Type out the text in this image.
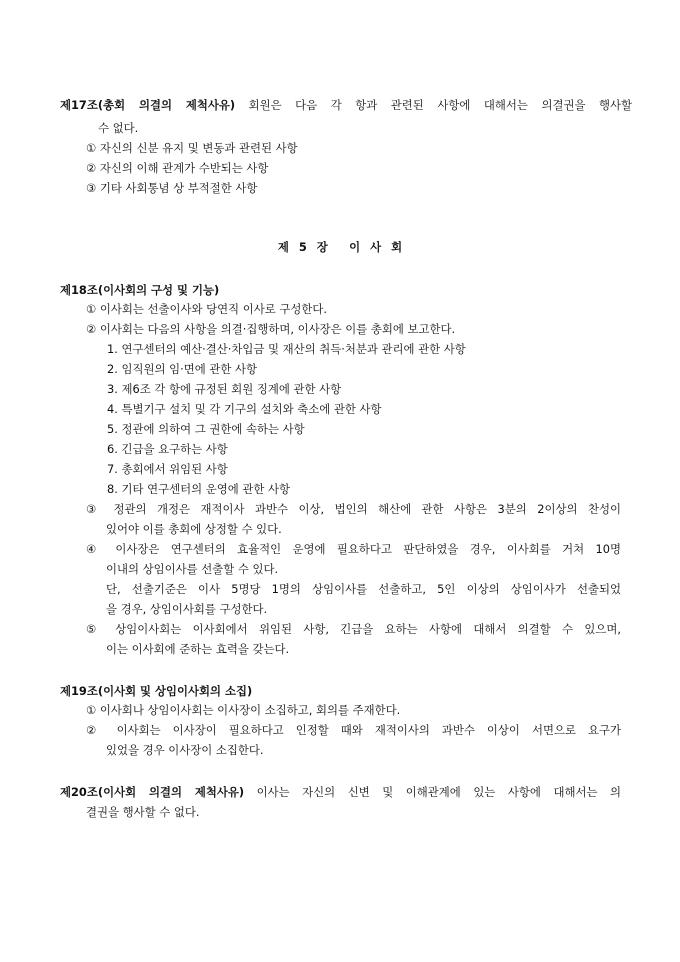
제17조(총회 의결의 제척사유) 회원은 다음 각 항과 관련된 사항에 대해서는 의결권을 행사할
수 없다.
① 자신의 신분 유지 및 변동과 관련된 사항
② 자신의 이해 관계가 수반되는 사항
③ 기타 사회통념 상 부적절한 사항
제 5 장　 이 사 회
제18조(이사회의 구성 및 기능)
① 이사회는 선출이사와 당연직 이사로 구성한다.
② 이사회는 다음의 사항을 의결·집행하며, 이사장은 이를 총회에 보고한다.
1. 연구센터의 예산·결산·차입금 및 재산의 취득·처분과 관리에 관한 사항
2. 임직원의 임·면에 관한 사항
3. 제6조 각 항에 규정된 회원 징계에 관한 사항
4. 특별기구 설치 및 각 기구의 설치와 축소에 관한 사항
5. 정관에 의하여 그 권한에 속하는 사항
6. 긴급을 요구하는 사항
7. 총회에서 위임된 사항
8. 기타 연구센터의 운영에 관한 사항
③ 정관의 개정은 재적이사 과반수 이상, 법인의 해산에 관한 사항은 3분의 2이상의 찬성이
있어야 이를 총회에 상정할 수 있다.
④ 이사장은 연구센터의 효율적인 운영에 필요하다고 판단하였을 경우, 이사회를 거쳐 10명
이내의 상임이사를 선출할 수 있다.
단, 선출기준은 이사 5명당 1명의 상임이사를 선출하고, 5인 이상의 상임이사가 선출되었
을 경우, 상임이사회를 구성한다.
⑤ 상임이사회는 이사회에서 위임된 사항, 긴급을 요하는 사항에 대해서 의결할 수 있으며,
이는 이사회에 준하는 효력을 갖는다.
제19조(이사회 및 상임이사회의 소집)
① 이사회나 상임이사회는 이사장이 소집하고, 회의를 주재한다.
② 이사회는 이사장이 필요하다고 인정할 때와 재적이사의 과반수 이상이 서면으로 요구가
있었을 경우 이사장이 소집한다.
제20조(이사회 의결의 제척사유) 이사는 자신의 신변 및 이해관계에 있는 사항에 대해서는 의
결권을 행사할 수 없다.
